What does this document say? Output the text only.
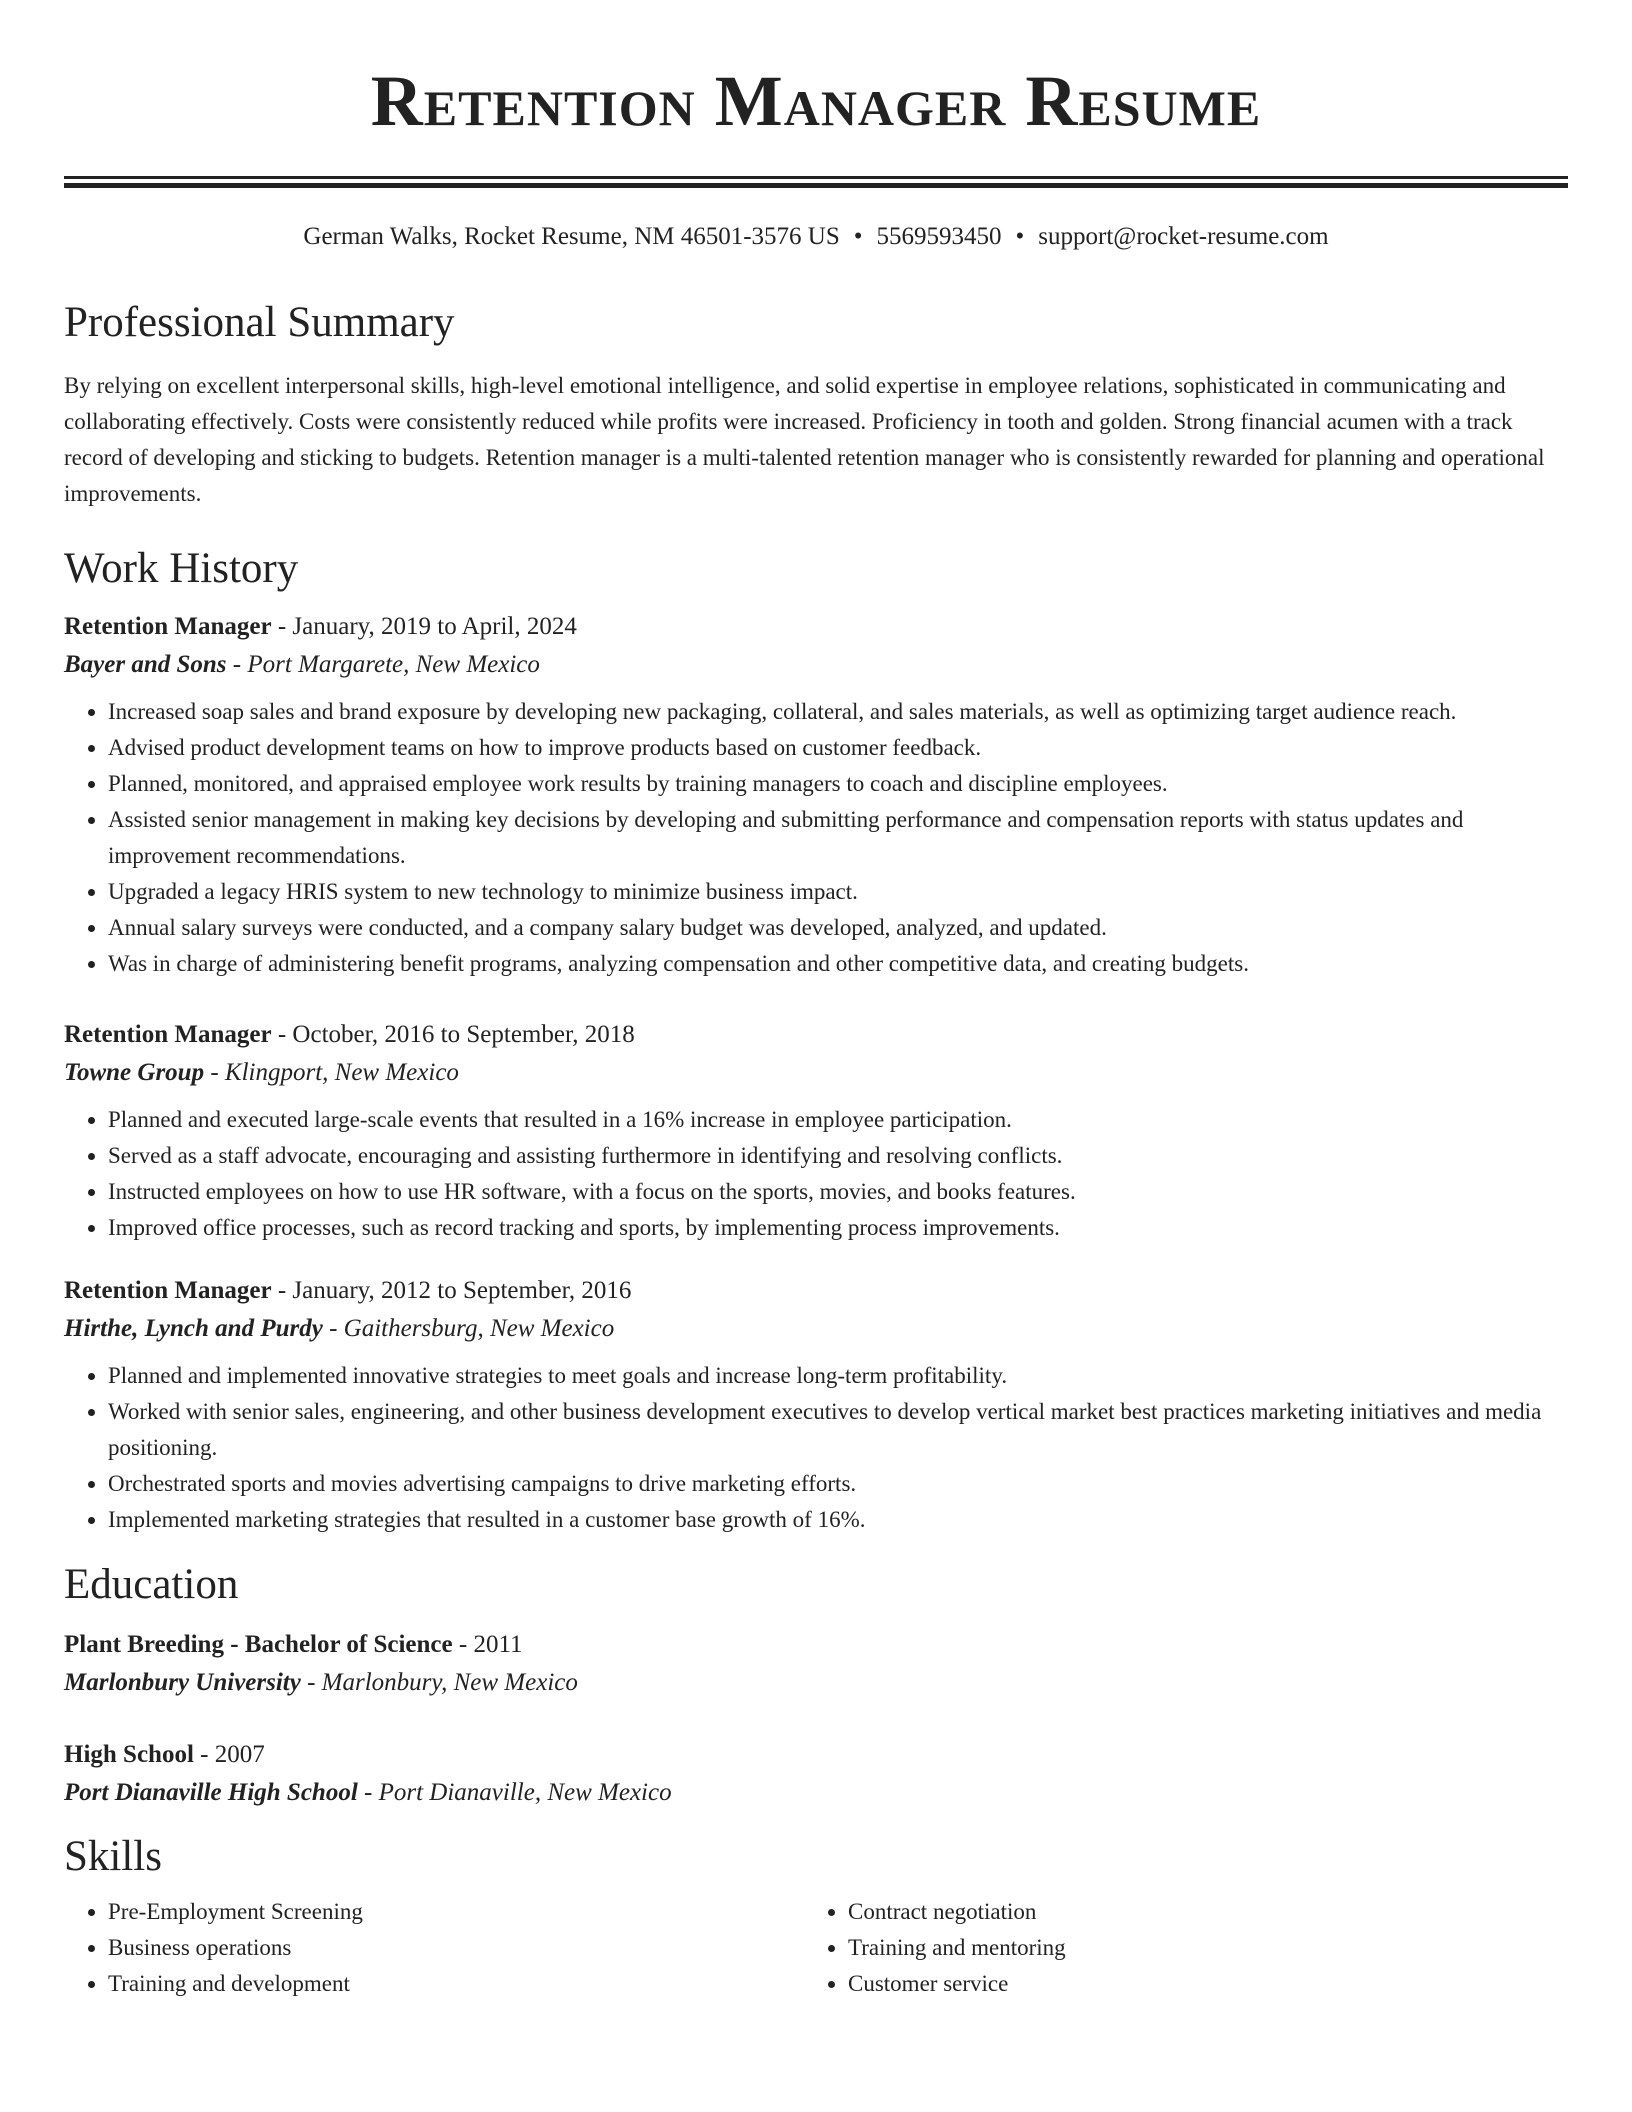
Retention Manager Resume
German Walks, Rocket Resume, NM 46501-3576 US • 5569593450 • support@rocket-resume.com
Professional Summary
By relying on excellent interpersonal skills, high-level emotional intelligence, and solid expertise in employee relations, sophisticated in communicating and collaborating effectively. Costs were consistently reduced while profits were increased. Proficiency in tooth and golden. Strong financial acumen with a track record of developing and sticking to budgets. Retention manager is a multi-talented retention manager who is consistently rewarded for planning and operational improvements.
Work History
Retention Manager - January, 2019 to April, 2024
Bayer and Sons - Port Margarete, New Mexico
• Increased soap sales and brand exposure by developing new packaging, collateral, and sales materials, as well as optimizing target audience reach.
• Advised product development teams on how to improve products based on customer feedback.
• Planned, monitored, and appraised employee work results by training managers to coach and discipline employees.
• Assisted senior management in making key decisions by developing and submitting performance and compensation reports with status updates and improvement recommendations.
• Upgraded a legacy HRIS system to new technology to minimize business impact.
• Annual salary surveys were conducted, and a company salary budget was developed, analyzed, and updated.
• Was in charge of administering benefit programs, analyzing compensation and other competitive data, and creating budgets.
Retention Manager - October, 2016 to September, 2018
Towne Group - Klingport, New Mexico
• Planned and executed large-scale events that resulted in a 16% increase in employee participation.
• Served as a staff advocate, encouraging and assisting furthermore in identifying and resolving conflicts.
• Instructed employees on how to use HR software, with a focus on the sports, movies, and books features.
• Improved office processes, such as record tracking and sports, by implementing process improvements.
Retention Manager - January, 2012 to September, 2016
Hirthe, Lynch and Purdy - Gaithersburg, New Mexico
• Planned and implemented innovative strategies to meet goals and increase long-term profitability.
• Worked with senior sales, engineering, and other business development executives to develop vertical market best practices marketing initiatives and media positioning.
• Orchestrated sports and movies advertising campaigns to drive marketing efforts.
• Implemented marketing strategies that resulted in a customer base growth of 16%.
Education
Plant Breeding - Bachelor of Science - 2011
Marlonbury University - Marlonbury, New Mexico
High School - 2007
Port Dianaville High School - Port Dianaville, New Mexico
Skills
• Pre-Employment Screening
• Business operations
• Training and development
• Contract negotiation
• Training and mentoring
• Customer service
